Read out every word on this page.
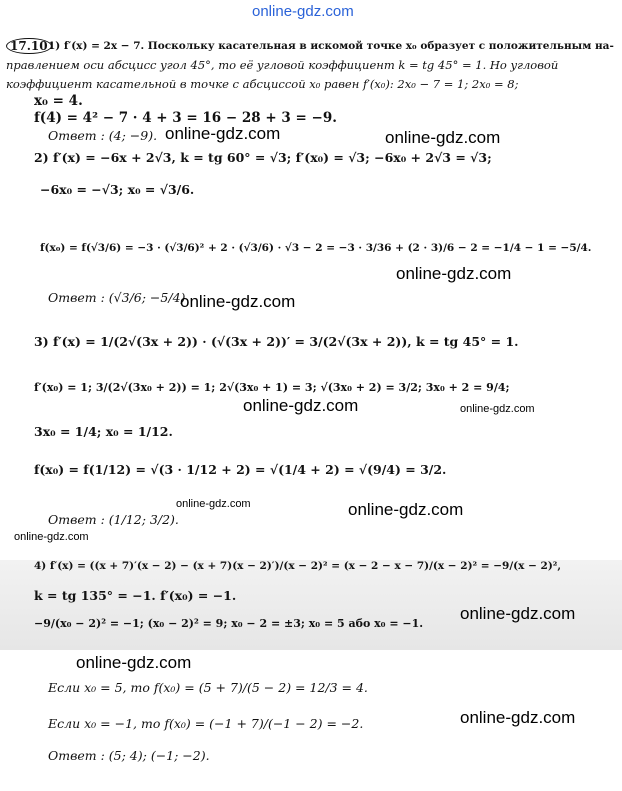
online-gdz.com
17.10 1) f′(x) = 2x − 7. Поскольку касательная в искомой точке x₀ образует с положительным на-
правлением оси абсцисс угол 45°, то её угловой коэффициент k = tg 45° = 1. Но угловой
коэффициент касательной в точке с абсциссой x₀ равен f′(x₀): 2x₀ − 7 = 1; 2x₀ = 8;
x₀ = 4.
f(4) = 4² − 7 · 4 + 3 = 16 − 28 + 3 = −9.
Ответ : (4; −9). online-gdz.com	online-gdz.com
2) f′(x) = −6x + 2√3, k = tg 60° = √3; f′(x₀) = √3; −6x₀ + 2√3 = √3;
−6x₀ = −√3; x₀ = √3/6.
f(x₀) = f(√3/6) = −3 · (√3/6)² + 2 · (√3/6) · √3 − 2 = −3 · 3/36 + (2 · 3)/6 − 2 = −1/4 − 1 = −5/4.
Ответ : (√3/6; −5/4)
online-gdz.com
online-gdz.com
3) f′(x) = 1/(2√(3x + 2)) · (√(3x + 2))′ = 3/(2√(3x + 2)), k = tg 45° = 1.
f′(x₀) = 1; 3/(2√(3x₀ + 2)) = 1; 2√(3x₀ + 1) = 3; √(3x₀ + 2) = 3/2; 3x₀ + 2 = 9/4;
3x₀ = 1/4; x₀ = 1/12.
f(x₀) = f(1/12) = √(3 · 1/12 + 2) = √(1/4 + 2) = √(9/4) = 3/2.
Ответ : (1/12; 3/2).
online-gdz.com	online-gdz.com
online-gdz.com	online-gdz.com
online-gdz.com
4) f′(x) = ((x + 7)′(x − 2) − (x + 7)(x − 2)′)/(x − 2)² = (x − 2 − x − 7)/(x − 2)² = −9/(x − 2)²,
k = tg 135° = −1. f′(x₀) = −1.
−9/(x₀ − 2)² = −1; (x₀ − 2)² = 9; x₀ − 2 = ±3; x₀ = 5 або x₀ = −1.
Если x₀ = 5, то f(x₀) = (5 + 7)/(5 − 2) = 12/3 = 4.
Если x₀ = −1, то f(x₀) = (−1 + 7)/(−1 − 2) = −2.
Ответ : (5; 4); (−1; −2).
online-gdz.com
online-gdz.com
online-gdz.com
